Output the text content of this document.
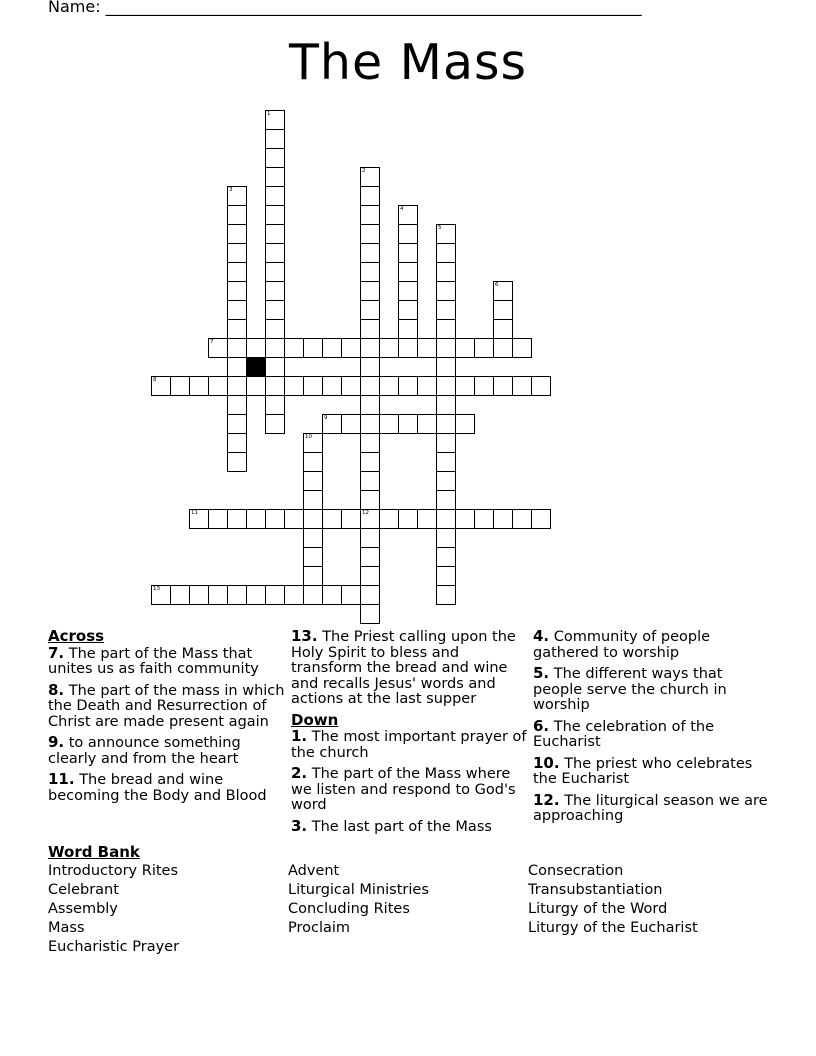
Name: ___________________________________________________________________
The Mass
1
2
12
3
4
5
6
7
8
9
10
11
13
Across
7. The part of the Mass that unites us as faith community
8. The part of the mass in which the Death and Resurrection of Christ are made present again
9. to announce something clearly and from the heart
11. The bread and wine becoming the Body and Blood
13. The Priest calling upon the Holy Spirit to bless and transform the bread and wine and recalls Jesus' words and actions at the last supper
Down
1. The most important prayer of the church
2. The part of the Mass where we listen and respond to God's word
3. The last part of the Mass
4. Community of people gathered to worship
5. The different ways that people serve the church in worship
6. The celebration of the Eucharist
10. The priest who celebrates the Eucharist
12. The liturgical season we are approaching
Word Bank
Introductory Rites
Celebrant
Assembly
Mass
Eucharistic Prayer
Advent
Liturgical Ministries
Concluding Rites
Proclaim
Consecration
Transubstantiation
Liturgy of the Word
Liturgy of the Eucharist
